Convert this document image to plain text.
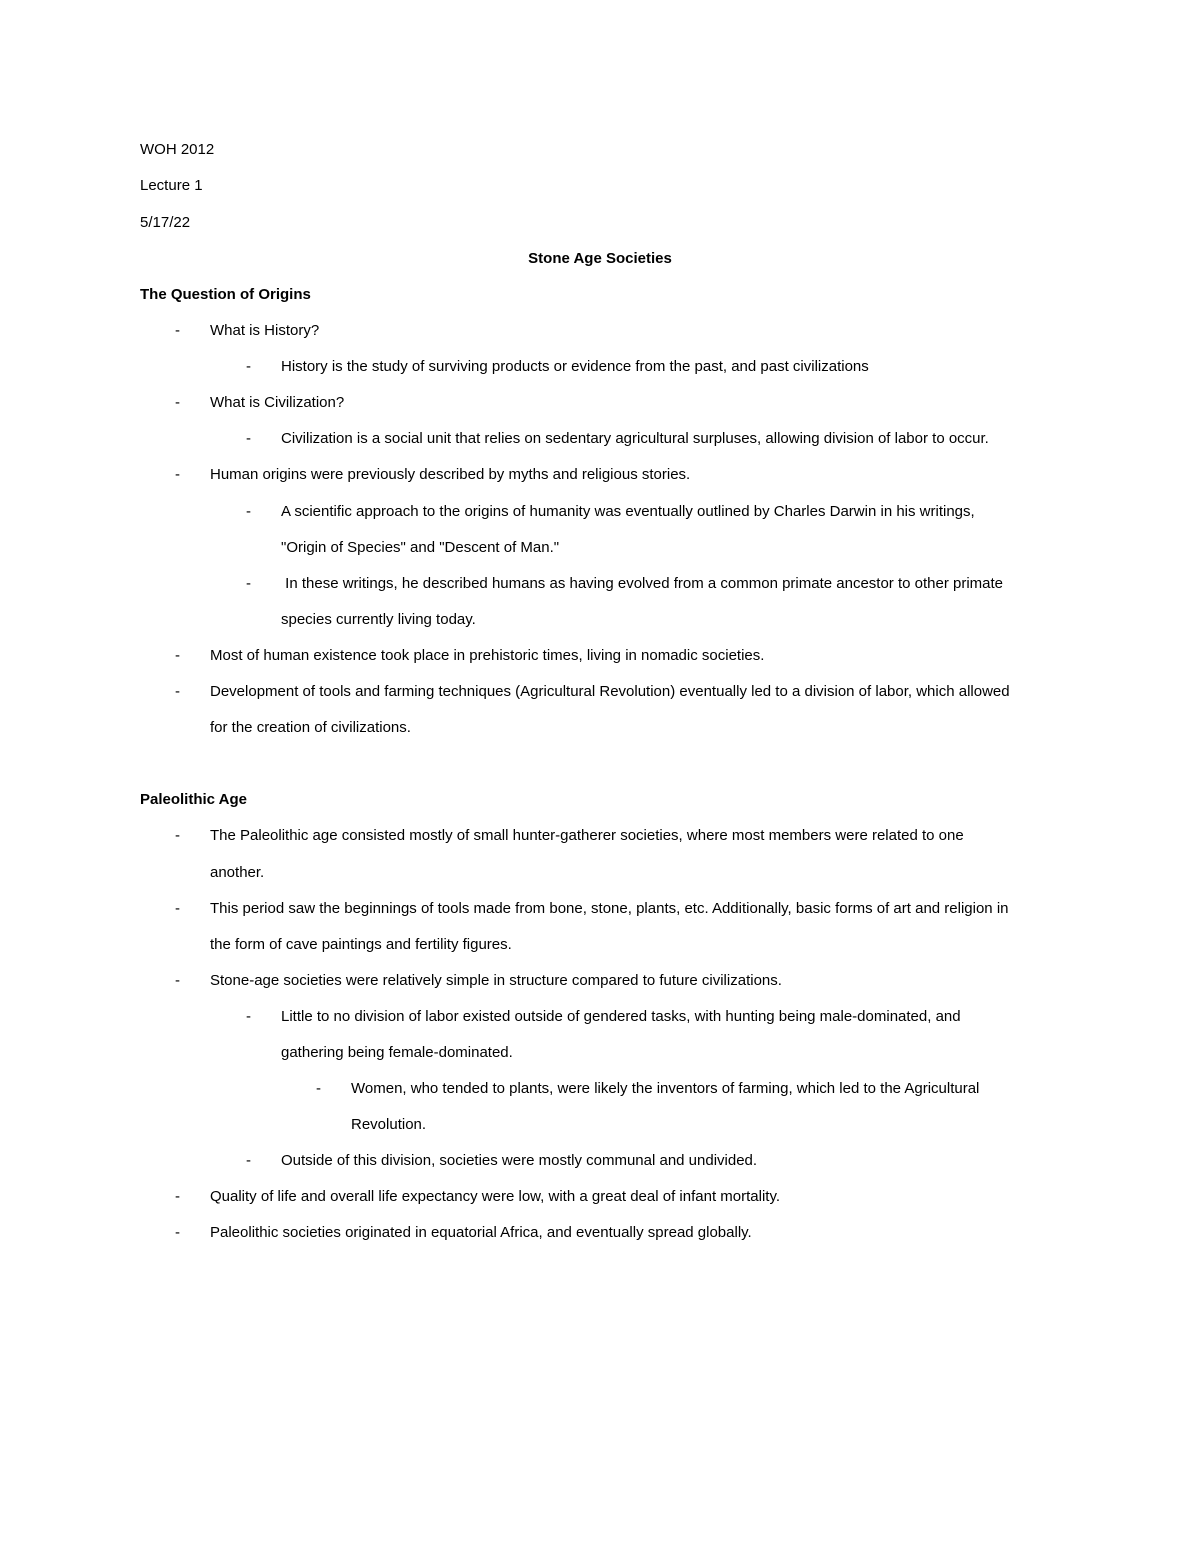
WOH 2012
Lecture 1
5/17/22
Stone Age Societies
The Question of Origins
- What is History?
- History is the study of surviving products or evidence from the past, and past civilizations
- What is Civilization?
- Civilization is a social unit that relies on sedentary agricultural surpluses, allowing division of labor to occur.
- Human origins were previously described by myths and religious stories.
- A scientific approach to the origins of humanity was eventually outlined by Charles Darwin in his writings,
"Origin of Species" and "Descent of Man."
- In these writings, he described humans as having evolved from a common primate ancestor to other primate
species currently living today.
- Most of human existence took place in prehistoric times, living in nomadic societies.
- Development of tools and farming techniques (Agricultural Revolution) eventually led to a division of labor, which allowed
for the creation of civilizations.
Paleolithic Age
- The Paleolithic age consisted mostly of small hunter-gatherer societies, where most members were related to one
another.
- This period saw the beginnings of tools made from bone, stone, plants, etc. Additionally, basic forms of art and religion in
the form of cave paintings and fertility figures.
- Stone-age societies were relatively simple in structure compared to future civilizations.
- Little to no division of labor existed outside of gendered tasks, with hunting being male-dominated, and
gathering being female-dominated.
- Women, who tended to plants, were likely the inventors of farming, which led to the Agricultural
Revolution.
- Outside of this division, societies were mostly communal and undivided.
- Quality of life and overall life expectancy were low, with a great deal of infant mortality.
- Paleolithic societies originated in equatorial Africa, and eventually spread globally.
